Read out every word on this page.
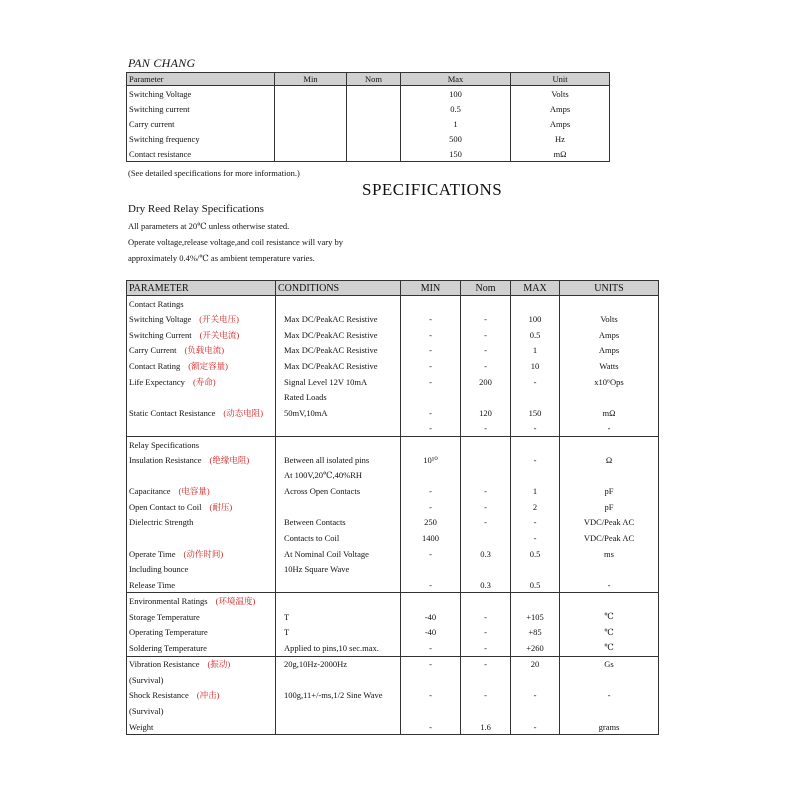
PAN CHANG
Parameter	Min	Nom	Max	Unit
Switching Voltage			100	Volts
Switching current			0.5	Amps
Carry current			1	Amps
Switching frequency			500	Hz
Contact resistance			150	mΩ
(See detailed specifications for more information.)
SPECIFICATIONS
Dry Reed Relay Specifications
All parameters at 20℃ unless otherwise stated.
Operate voltage,release voltage,and coil resistance will vary by
approximately 0.4%/℃ as ambient temperature varies.
PARAMETER	CONDITIONS	MIN	Nom	MAX	UNITS
Contact Ratings					
Switching Voltage (开关电压)	Max DC/PeakAC Resistive	-	-	100	Volts
Switching Current (开关电流)	Max DC/PeakAC Resistive	-	-	0.5	Amps
Carry Current (负载电流)	Max DC/PeakAC Resistive	-	-	1	Amps
Contact Rating (额定容量)	Max DC/PeakAC Resistive	-	-	10	Watts
Life Expectancy (寿命)	Signal Level 12V 10mA	-	200	-	x10⁶Ops
	Rated Loads				
Static Contact Resistance (动态电阻)	50mV,10mA	-	120	150	mΩ
		-	-	-	-
Relay Specifications					
Insulation Resistance (绝缘电阻)	Between all isolated pins	10¹⁰		-	Ω
	At 100V,20℃,40%RH				
Capacitance (电容量)	Across Open Contacts	-	-	1	pF
Open Contact to Coil (耐压)		-	-	2	pF
Dielectric Strength	Between Contacts	250	-	-	VDC/Peak AC
	Contacts to Coil	1400		-	VDC/Peak AC
Operate Time (动作时间)	At Nominal Coil Voltage	-	0.3	0.5	ms
Including bounce	10Hz Square Wave				
Release Time		-	0.3	0.5	-
Environmental Ratings (环境温度)					
Storage Temperature	T	-40	-	+105	℃
Operating Temperature	T	-40	-	+85	℃
Soldering Temperature	Applied to pins,10 sec.max.	-	-	+260	℃
Vibration Resistance (振动)	20g,10Hz-2000Hz	-	-	20	Gs
(Survival)					
Shock Resistance (冲击)	100g,11+/-ms,1/2 Sine Wave	-	-	-	-
(Survival)					
Weight		-	1.6	-	grams
